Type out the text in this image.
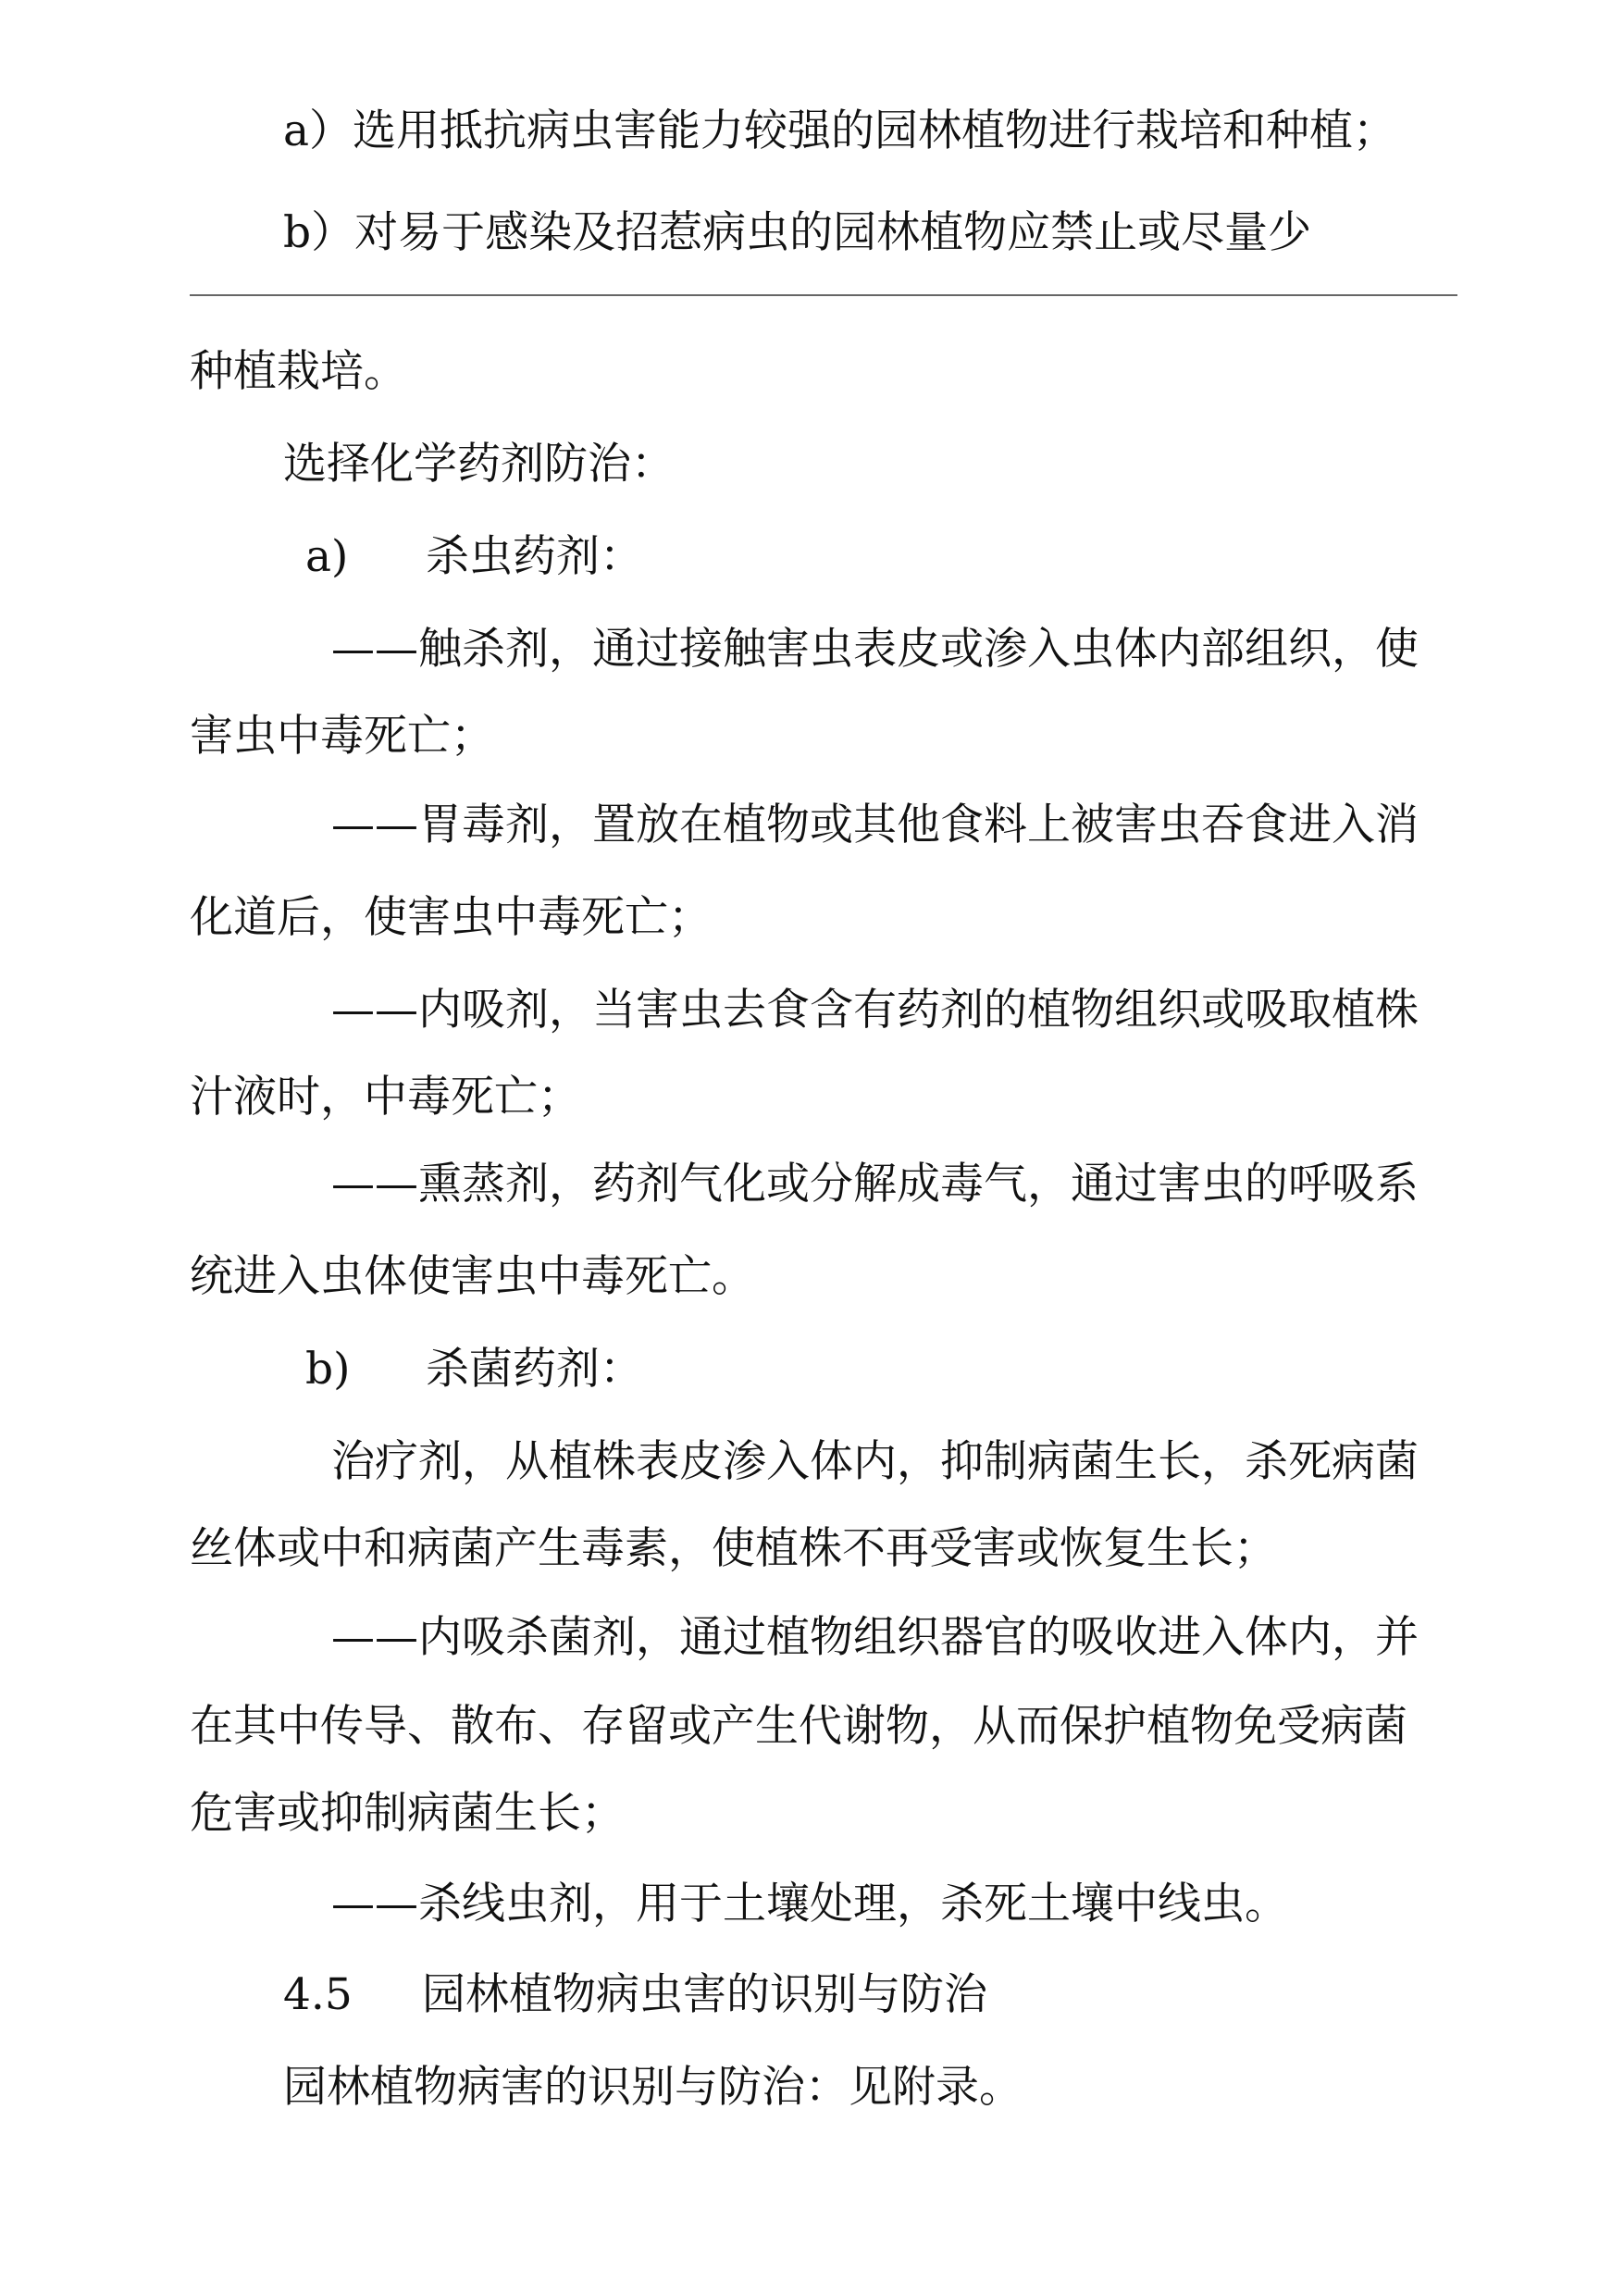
a）选用抵抗病虫害能力较强的园林植物进行栽培和种植；

b）对易于感染及招惹病虫的园林植物应禁止或尽量少

种植栽培。

选择化学药剂防治：

a) 杀虫药剂：

——触杀剂，通过接触害虫表皮或渗入虫体内部组织，使

害虫中毒死亡；

——胃毒剂，置放在植物或其他食料上被害虫吞食进入消

化道后，使害虫中毒死亡；

——内吸剂，当害虫去食含有药剂的植物组织或吸取植株

汁液时，中毒死亡；

——熏蒸剂，药剂气化或分解成毒气，通过害虫的呼吸系

统进入虫体使害虫中毒死亡。

b) 杀菌药剂：

治疗剂，从植株表皮渗入体内，抑制病菌生长，杀死病菌

丝体或中和病菌产生毒素，使植株不再受害或恢复生长；

——内吸杀菌剂，通过植物组织器官的吸收进入体内，并

在其中传导、散布、存留或产生代谢物，从而保护植物免受病菌

危害或抑制病菌生长；

——杀线虫剂，用于土壤处理，杀死土壤中线虫。

4.5 园林植物病虫害的识别与防治

园林植物病害的识别与防治：见附录。
